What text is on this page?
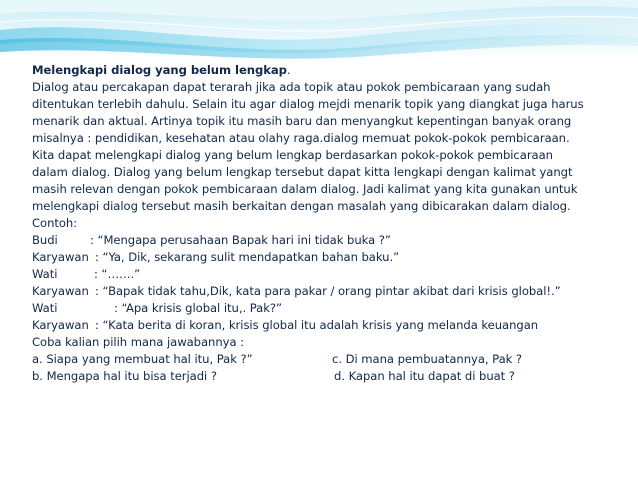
Melengkapi dialog yang belum lengkap.
Dialog atau percakapan dapat terarah jika ada topik atau pokok pembicaraan yang sudah
ditentukan terlebih dahulu. Selain itu agar dialog mejdi menarik topik yang diangkat juga harus
menarik dan aktual. Artinya topik itu masih baru dan menyangkut kepentingan banyak orang
misalnya : pendidikan, kesehatan atau olahy raga.dialog memuat pokok-pokok pembicaraan.
Kita dapat melengkapi dialog yang belum lengkap berdasarkan pokok-pokok pembicaraan
dalam dialog. Dialog yang belum lengkap tersebut dapat kitta lengkapi dengan kalimat yangt
masih relevan dengan pokok pembicaraan dalam dialog. Jadi kalimat yang kita gunakan untuk
melengkapi dialog tersebut masih berkaitan dengan masalah yang dibicarakan dalam dialog.
Contoh:
Budi	: “Mengapa perusahaan Bapak hari ini tidak buka ?”
Karyawan : “Ya, Dik, sekarang sulit mendapatkan bahan baku.”
Wati	: “…….”
Karyawan : “Bapak tidak tahu,Dik, kata para pakar / orang pintar akibat dari krisis global!.”
Wati	: “Apa krisis global itu,. Pak?”
Karyawan : “Kata berita di koran, krisis global itu adalah krisis yang melanda keuangan
Coba kalian pilih mana jawabannya :
a. Siapa yang membuat hal itu, Pak ?”	c. Di mana pembuatannya, Pak ?
b. Mengapa hal itu bisa terjadi ?	d. Kapan hal itu dapat di buat ?
